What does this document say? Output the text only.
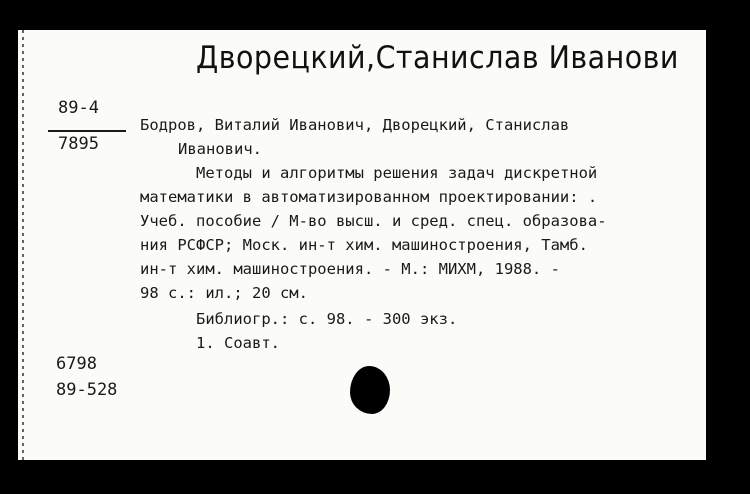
Дворецкий,Станислав Иванови
89-4
7895
Бодров, Виталий Иванович, Дворецкий, Станислав
Иванович.
Методы и алгоритмы решения задач дискретной
математики в автоматизированном проектировании: .
Учеб. пособие / М-во высш. и сред. спец. образова-
ния РСФСР; Моск. ин-т хим. машиностроения, Тамб.
ин-т хим. машиностроения. - М.: МИХМ, 1988. -
98 с.: ил.; 20 см.
Библиогр.: с. 98. - 300 экз.
1. Соавт.
6798
89-528
